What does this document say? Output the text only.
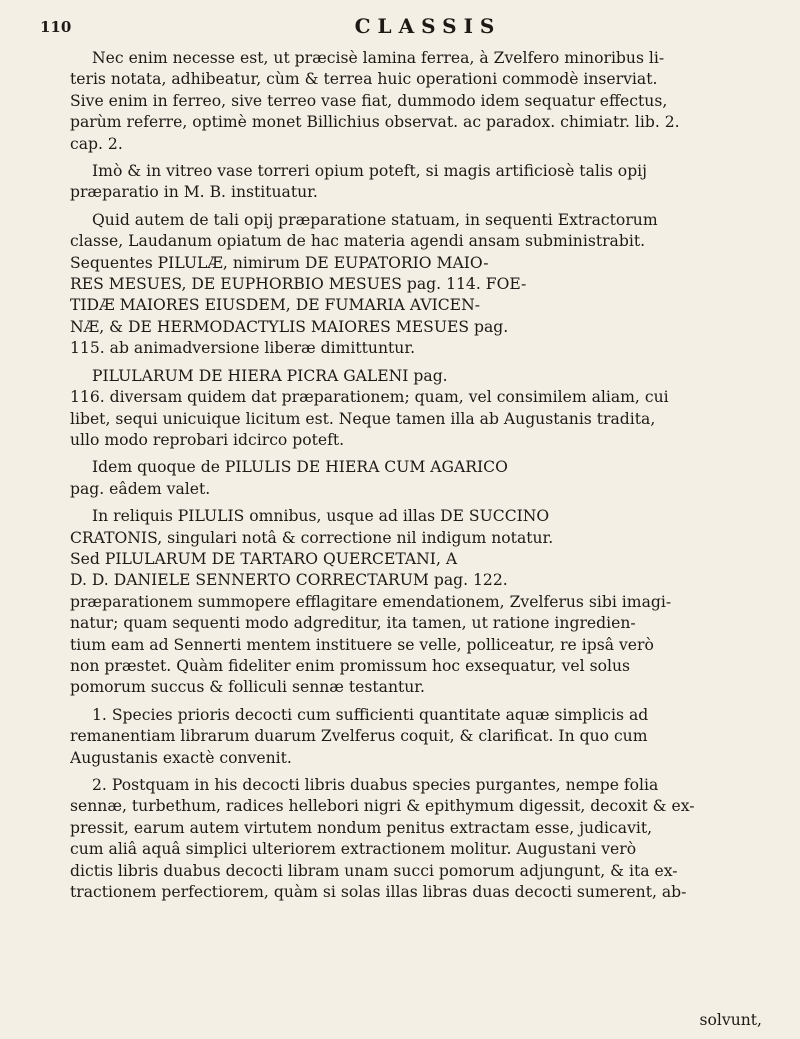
110	CLASSIS

Nec enim necesse est, ut præcisè lamina ferrea, à Zvelfero minoribus li-
teris notata, adhibeatur, cùm & terrea huic operationi commodè inserviat.
Sive enim in ferreo, sive terreo vase fiat, dummodo idem sequatur effectus,
parùm referre, optimè monet Billichius observat. ac paradox. chimiatr. lib. 2.
cap. 2.

Imò & in vitreo vase torreri opium poteft, si magis artificiosè talis opij
præparatio in M. B. instituatur.

Quid autem de tali opij præparatione statuam, in sequenti Extractorum
classe, Laudanum opiatum de hac materia agendi ansam subministrabit.
Sequentes PILULÆ, nimirum DE EUPATORIO MAIO-
RES MESUES, DE EUPHORBIO MESUES pag. 114. FOE-
TIDÆ MAIORES EIUSDEM, DE FUMARIA AVICEN-
NÆ, & DE HERMODACTYLIS MAIORES MESUES pag.
115. ab animadversione liberæ dimittuntur.

PILULARUM DE HIERA PICRA GALENI pag.
116. diversam quidem dat præparationem; quam, vel consimilem aliam, cui
libet, sequi unicuique licitum est. Neque tamen illa ab Augustanis tradita,
ullo modo reprobari idcirco poteft.

Idem quoque de PILULIS DE HIERA CUM AGARICO
pag. eâdem valet.

In reliquis PILULIS omnibus, usque ad illas DE SUCCINO
CRATONIS, singulari notâ & correctione nil indigum notatur.
Sed PILULARUM DE TARTARO QUERCETANI, A
D. D. DANIELE SENNERTO CORRECTARUM pag. 122.
præparationem summopere efflagitare emendationem, Zvelferus sibi imagi-
natur; quam sequenti modo adgreditur, ita tamen, ut ratione ingredien-
tium eam ad Sennerti mentem instituere se velle, polliceatur, re ipsâ verò
non præstet. Quàm fideliter enim promissum hoc exsequatur, vel solus
pomorum succus & folliculi sennæ testantur.

1. Species prioris decocti cum sufficienti quantitate aquæ simplicis ad
remanentiam librarum duarum Zvelferus coquit, & clarificat. In quo cum
Augustanis exactè convenit.

2. Postquam in his decocti libris duabus species purgantes, nempe folia
sennæ, turbethum, radices hellebori nigri & epithymum digessit, decoxit & ex-
pressit, earum autem virtutem nondum penitus extractam esse, judicavit,
cum aliâ aquâ simplici ulteriorem extractionem molitur. Augustani verò
dictis libris duabus decocti libram unam succi pomorum adjungunt, & ita ex-
tractionem perfectiorem, quàm si solas illas libras duas decocti sumerent, ab-

solvunt,
